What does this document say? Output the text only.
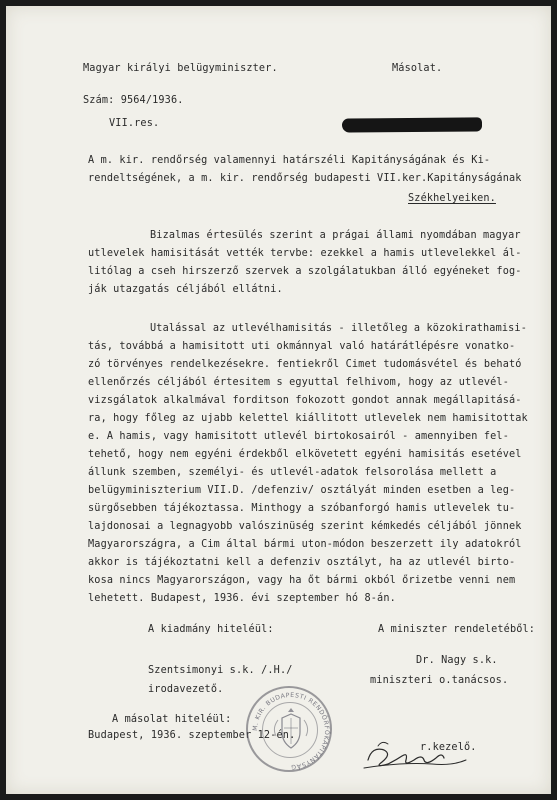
Magyar királyi belügyminiszter.	Másolat.
Szám: 9564/1936.
VII.res.
A m. kir. rendőrség valamennyi határszéli Kapitányságának és Ki-
rendeltségének, a m. kir. rendőrség budapesti VII.ker.Kapitányságának
Székhelyeiken.
Bizalmas értesülés szerint a prágai állami nyomdában magyar
utlevelek hamisitását vették tervbe: ezekkel a hamis utlevelekkel ál-
litólag a cseh hirszerző szervek a szolgálatukban álló egyéneket fog-
ják utazgatás céljából ellátni.
Utalással az utlevélhamisitás - illetőleg a közokirathamisi-
tás, továbbá a hamisitott uti okmánnyal való határátlépésre vonatko-
zó törvényes rendelkezésekre. fentiekről Cimet tudomásvétel és beható
ellenőrzés céljából értesitem s egyuttal felhivom, hogy az utlevél-
vizsgálatok alkalmával forditson fokozott gondot annak megállapitásá-
ra, hogy főleg az ujabb kelettel kiállitott utlevelek nem hamisitottak
e. A hamis, vagy hamisitott utlevél birtokosairól - amennyiben fel-
tehető, hogy nem egyéni érdekből elkövetett egyéni hamisitás esetével
állunk szemben, személyi- és utlevél-adatok felsorolása mellett a
belügyminiszterium VII.D. /defenziv/ osztályát minden esetben a leg-
sürgősebben tájékoztassa. Minthogy a szóbanforgó hamis utlevelek tu-
lajdonosai a legnagyobb valószinüség szerint kémkedés céljából jönnek
Magyarországra, a Cim által bármi uton-módon beszerzett ily adatokról
akkor is tájékoztatni kell a defenziv osztályt, ha az utlevél birto-
kosa nincs Magyarországon, vagy ha őt bármi okból őrizetbe venni nem
lehetett. Budapest, 1936. évi szeptember hó 8-án.
A kiadmány hiteléül:	A miniszter rendeletéből:
Szentsimonyi s.k. /.H./
Dr. Nagy s.k.
irodavezető.
miniszteri o.tanácsos.
A másolat hiteléül:
Budapest, 1936. szeptember 12-én.
r.kezelő.
M. KIR. BUDAPESTI RENDŐRFŐKAPITÁNYSÁG
